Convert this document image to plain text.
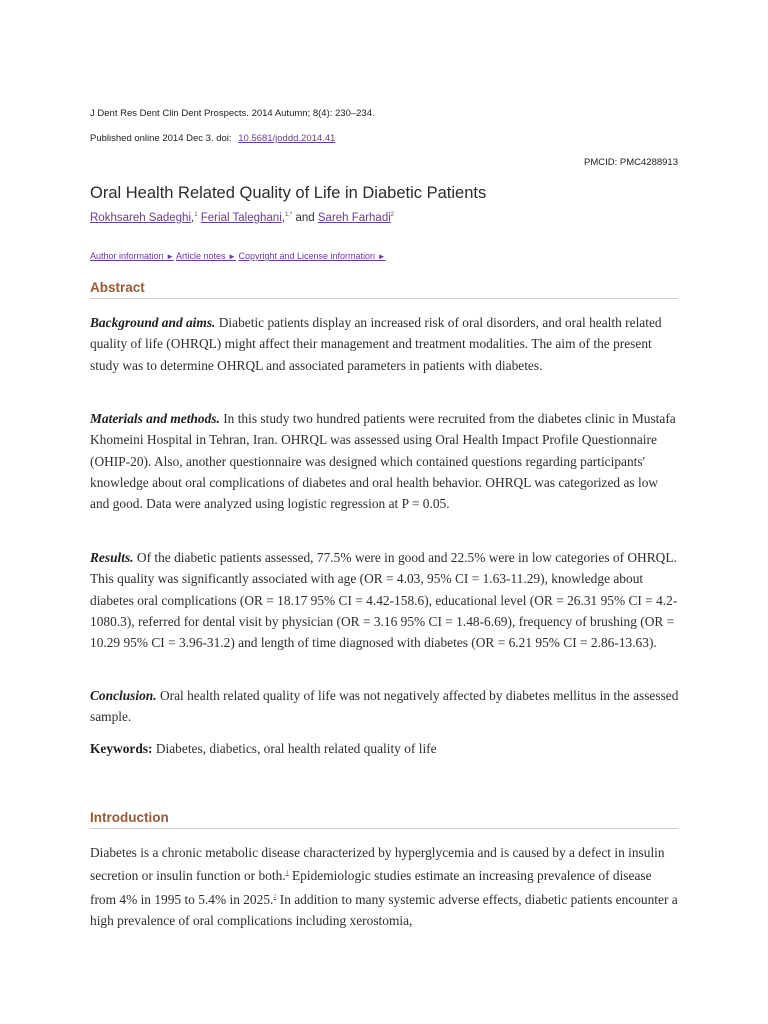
J Dent Res Dent Clin Dent Prospects. 2014 Autumn; 8(4): 230–234.
Published online 2014 Dec 3. doi: 10.5681/joddd.2014.41
PMCID: PMC4288913
Oral Health Related Quality of Life in Diabetic Patients
Rokhsareh Sadeghi,$^1$ Ferial Taleghani,$^{1,*}$ and Sareh Farhadi$^2$
Author information ► Article notes ► Copyright and License information ►
Abstract

Background and aims. Diabetic patients display an increased risk of oral disorders, and oral health related quality of life (OHRQL) might affect their management and treatment modalities. The aim of the present study was to determine OHRQL and associated parameters in patients with diabetes.

Materials and methods. In this study two hundred patients were recruited from the diabetes clinic in Mustafa Khomeini Hospital in Tehran, Iran. OHRQL was assessed using Oral Health Impact Profile Questionnaire (OHIP-20). Also, another questionnaire was designed which contained questions regarding participants' knowledge about oral complications of diabetes and oral health behavior. OHRQL was categorized as low and good. Data were analyzed using logistic regression at P = 0.05.

Results. Of the diabetic patients assessed, 77.5% were in good and 22.5% were in low categories of OHRQL. This quality was significantly associated with age (OR = 4.03, 95% CI = 1.63-11.29), knowledge about diabetes oral complications (OR = 18.17 95% CI = 4.42-158.6), educational level (OR = 26.31 95% CI = 4.2-1080.3), referred for dental visit by physician (OR = 3.16 95% CI = 1.48-6.69), frequency of brushing (OR = 10.29 95% CI = 3.96-31.2) and length of time diagnosed with diabetes (OR = 6.21 95% CI = 2.86-13.63).

Conclusion. Oral health related quality of life was not negatively affected by diabetes mellitus in the assessed sample.

Keywords: Diabetes, diabetics, oral health related quality of life

Introduction

Diabetes is a chronic metabolic disease characterized by hyperglycemia and is caused by a defect in insulin secretion or insulin function or both.$^1$ Epidemiologic studies estimate an increasing prevalence of disease from 4% in 1995 to 5.4% in 2025.$^2$ In addition to many systemic adverse effects, diabetic patients encounter a high prevalence of oral complications including xerostomia,
